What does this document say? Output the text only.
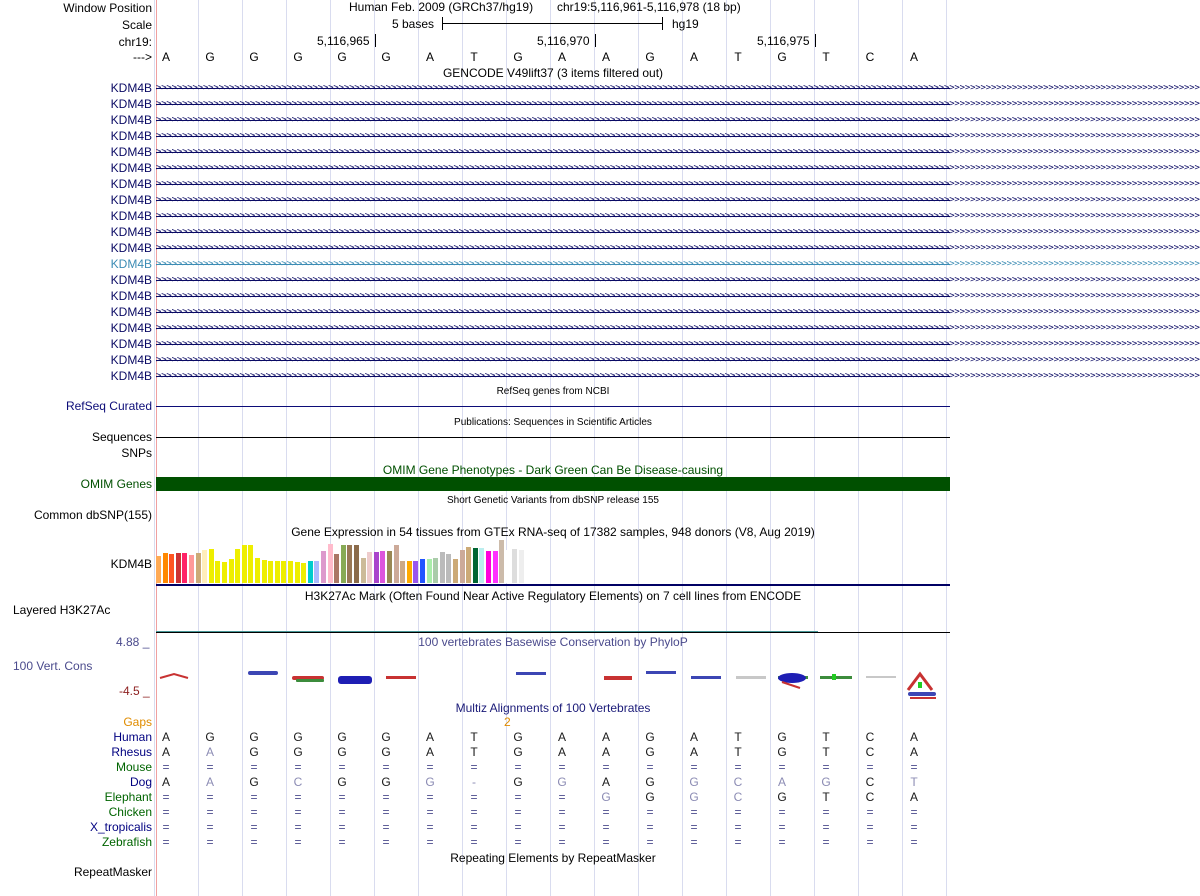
Window Position	Human Feb. 2009 (GRCh37/hg19) chr19:5,116,961-5,116,978 (18 bp)
Scale	5 bases	hg19
chr19:	5,116,965	5,116,970	5,116,975
---> A	G	G	G	G	G	A	T	G	A	A	G	A	T	G	T	C	A
GENCODE V49lift37 (3 items filtered out)
KDM4B >>>>>>>>>>>>>>>>>>>>>>>>>>>>>>>>>>>>>>>>>>>>>>>>>>>>>>>>>>>>>>>>>>>>>>>>>>>>>>>>>>>>>>>>>>>>>>>>>>>>>>>>>>>>>>>>>>>>>>>>>>>>>>>>>>>>>>>>>>>>>>>>>>>>>>>>>>>>>>>>>>>>>>>>>>>>>>>>>>>>>>>>>>>>>>>>>>>>>>>>
KDM4B >>>>>>>>>>>>>>>>>>>>>>>>>>>>>>>>>>>>>>>>>>>>>>>>>>>>>>>>>>>>>>>>>>>>>>>>>>>>>>>>>>>>>>>>>>>>>>>>>>>>>>>>>>>>>>>>>>>>>>>>>>>>>>>>>>>>>>>>>>>>>>>>>>>>>>>>>>>>>>>>>>>>>>>>>>>>>>>>>>>>>>>>>>>>>>>>>>>>>>>>
KDM4B >>>>>>>>>>>>>>>>>>>>>>>>>>>>>>>>>>>>>>>>>>>>>>>>>>>>>>>>>>>>>>>>>>>>>>>>>>>>>>>>>>>>>>>>>>>>>>>>>>>>>>>>>>>>>>>>>>>>>>>>>>>>>>>>>>>>>>>>>>>>>>>>>>>>>>>>>>>>>>>>>>>>>>>>>>>>>>>>>>>>>>>>>>>>>>>>>>>>>>>>
KDM4B >>>>>>>>>>>>>>>>>>>>>>>>>>>>>>>>>>>>>>>>>>>>>>>>>>>>>>>>>>>>>>>>>>>>>>>>>>>>>>>>>>>>>>>>>>>>>>>>>>>>>>>>>>>>>>>>>>>>>>>>>>>>>>>>>>>>>>>>>>>>>>>>>>>>>>>>>>>>>>>>>>>>>>>>>>>>>>>>>>>>>>>>>>>>>>>>>>>>>>>>
KDM4B >>>>>>>>>>>>>>>>>>>>>>>>>>>>>>>>>>>>>>>>>>>>>>>>>>>>>>>>>>>>>>>>>>>>>>>>>>>>>>>>>>>>>>>>>>>>>>>>>>>>>>>>>>>>>>>>>>>>>>>>>>>>>>>>>>>>>>>>>>>>>>>>>>>>>>>>>>>>>>>>>>>>>>>>>>>>>>>>>>>>>>>>>>>>>>>>>>>>>>>>
KDM4B >>>>>>>>>>>>>>>>>>>>>>>>>>>>>>>>>>>>>>>>>>>>>>>>>>>>>>>>>>>>>>>>>>>>>>>>>>>>>>>>>>>>>>>>>>>>>>>>>>>>>>>>>>>>>>>>>>>>>>>>>>>>>>>>>>>>>>>>>>>>>>>>>>>>>>>>>>>>>>>>>>>>>>>>>>>>>>>>>>>>>>>>>>>>>>>>>>>>>>>>
KDM4B >>>>>>>>>>>>>>>>>>>>>>>>>>>>>>>>>>>>>>>>>>>>>>>>>>>>>>>>>>>>>>>>>>>>>>>>>>>>>>>>>>>>>>>>>>>>>>>>>>>>>>>>>>>>>>>>>>>>>>>>>>>>>>>>>>>>>>>>>>>>>>>>>>>>>>>>>>>>>>>>>>>>>>>>>>>>>>>>>>>>>>>>>>>>>>>>>>>>>>>>
KDM4B >>>>>>>>>>>>>>>>>>>>>>>>>>>>>>>>>>>>>>>>>>>>>>>>>>>>>>>>>>>>>>>>>>>>>>>>>>>>>>>>>>>>>>>>>>>>>>>>>>>>>>>>>>>>>>>>>>>>>>>>>>>>>>>>>>>>>>>>>>>>>>>>>>>>>>>>>>>>>>>>>>>>>>>>>>>>>>>>>>>>>>>>>>>>>>>>>>>>>>>>
KDM4B >>>>>>>>>>>>>>>>>>>>>>>>>>>>>>>>>>>>>>>>>>>>>>>>>>>>>>>>>>>>>>>>>>>>>>>>>>>>>>>>>>>>>>>>>>>>>>>>>>>>>>>>>>>>>>>>>>>>>>>>>>>>>>>>>>>>>>>>>>>>>>>>>>>>>>>>>>>>>>>>>>>>>>>>>>>>>>>>>>>>>>>>>>>>>>>>>>>>>>>>
KDM4B >>>>>>>>>>>>>>>>>>>>>>>>>>>>>>>>>>>>>>>>>>>>>>>>>>>>>>>>>>>>>>>>>>>>>>>>>>>>>>>>>>>>>>>>>>>>>>>>>>>>>>>>>>>>>>>>>>>>>>>>>>>>>>>>>>>>>>>>>>>>>>>>>>>>>>>>>>>>>>>>>>>>>>>>>>>>>>>>>>>>>>>>>>>>>>>>>>>>>>>>
KDM4B >>>>>>>>>>>>>>>>>>>>>>>>>>>>>>>>>>>>>>>>>>>>>>>>>>>>>>>>>>>>>>>>>>>>>>>>>>>>>>>>>>>>>>>>>>>>>>>>>>>>>>>>>>>>>>>>>>>>>>>>>>>>>>>>>>>>>>>>>>>>>>>>>>>>>>>>>>>>>>>>>>>>>>>>>>>>>>>>>>>>>>>>>>>>>>>>>>>>>>>>
KDM4B >>>>>>>>>>>>>>>>>>>>>>>>>>>>>>>>>>>>>>>>>>>>>>>>>>>>>>>>>>>>>>>>>>>>>>>>>>>>>>>>>>>>>>>>>>>>>>>>>>>>>>>>>>>>>>>>>>>>>>>>>>>>>>>>>>>>>>>>>>>>>>>>>>>>>>>>>>>>>>>>>>>>>>>>>>>>>>>>>>>>>>>>>>>>>>>>>>>>>>>>
KDM4B >>>>>>>>>>>>>>>>>>>>>>>>>>>>>>>>>>>>>>>>>>>>>>>>>>>>>>>>>>>>>>>>>>>>>>>>>>>>>>>>>>>>>>>>>>>>>>>>>>>>>>>>>>>>>>>>>>>>>>>>>>>>>>>>>>>>>>>>>>>>>>>>>>>>>>>>>>>>>>>>>>>>>>>>>>>>>>>>>>>>>>>>>>>>>>>>>>>>>>>>
KDM4B >>>>>>>>>>>>>>>>>>>>>>>>>>>>>>>>>>>>>>>>>>>>>>>>>>>>>>>>>>>>>>>>>>>>>>>>>>>>>>>>>>>>>>>>>>>>>>>>>>>>>>>>>>>>>>>>>>>>>>>>>>>>>>>>>>>>>>>>>>>>>>>>>>>>>>>>>>>>>>>>>>>>>>>>>>>>>>>>>>>>>>>>>>>>>>>>>>>>>>>>
KDM4B >>>>>>>>>>>>>>>>>>>>>>>>>>>>>>>>>>>>>>>>>>>>>>>>>>>>>>>>>>>>>>>>>>>>>>>>>>>>>>>>>>>>>>>>>>>>>>>>>>>>>>>>>>>>>>>>>>>>>>>>>>>>>>>>>>>>>>>>>>>>>>>>>>>>>>>>>>>>>>>>>>>>>>>>>>>>>>>>>>>>>>>>>>>>>>>>>>>>>>>>
KDM4B >>>>>>>>>>>>>>>>>>>>>>>>>>>>>>>>>>>>>>>>>>>>>>>>>>>>>>>>>>>>>>>>>>>>>>>>>>>>>>>>>>>>>>>>>>>>>>>>>>>>>>>>>>>>>>>>>>>>>>>>>>>>>>>>>>>>>>>>>>>>>>>>>>>>>>>>>>>>>>>>>>>>>>>>>>>>>>>>>>>>>>>>>>>>>>>>>>>>>>>>
KDM4B >>>>>>>>>>>>>>>>>>>>>>>>>>>>>>>>>>>>>>>>>>>>>>>>>>>>>>>>>>>>>>>>>>>>>>>>>>>>>>>>>>>>>>>>>>>>>>>>>>>>>>>>>>>>>>>>>>>>>>>>>>>>>>>>>>>>>>>>>>>>>>>>>>>>>>>>>>>>>>>>>>>>>>>>>>>>>>>>>>>>>>>>>>>>>>>>>>>>>>>>
KDM4B >>>>>>>>>>>>>>>>>>>>>>>>>>>>>>>>>>>>>>>>>>>>>>>>>>>>>>>>>>>>>>>>>>>>>>>>>>>>>>>>>>>>>>>>>>>>>>>>>>>>>>>>>>>>>>>>>>>>>>>>>>>>>>>>>>>>>>>>>>>>>>>>>>>>>>>>>>>>>>>>>>>>>>>>>>>>>>>>>>>>>>>>>>>>>>>>>>>>>>>>
KDM4B >>>>>>>>>>>>>>>>>>>>>>>>>>>>>>>>>>>>>>>>>>>>>>>>>>>>>>>>>>>>>>>>>>>>>>>>>>>>>>>>>>>>>>>>>>>>>>>>>>>>>>>>>>>>>>>>>>>>>>>>>>>>>>>>>>>>>>>>>>>>>>>>>>>>>>>>>>>>>>>>>>>>>>>>>>>>>>>>>>>>>>>>>>>>>>>>>>>>>>>>
RefSeq genes from NCBI
RefSeq Curated
Publications: Sequences in Scientific Articles
Sequences
SNPs
OMIM Gene Phenotypes - Dark Green Can Be Disease-causing
OMIM Genes
Short Genetic Variants from dbSNP release 155
Common dbSNP(155)
Gene Expression in 54 tissues from GTEx RNA-seq of 17382 samples, 948 donors (V8, Aug 2019)
KDM4B
H3K27Ac Mark (Often Found Near Active Regulatory Elements) on 7 cell lines from ENCODE
Layered H3K27Ac
100 vertebrates Basewise Conservation by PhyloP
4.88 _
100 Vert. Cons
-4.5 _
Multiz Alignments of 100 Vertebrates
Gaps	2
Human A	G	G	G	G	G	A	T	G	A	A	G	A	T	G	T	C	A
Rhesus A	A	G	G	G	G	A	T	G	A	A	G	A	T	G	T	C	A
Mouse =	=	=	=	=	=	=	=	=	=	=	=	=	=	=	=	=	=
Dog A	A	G	C	G	G	G	-	G	G	A	G	G	C	A	G	C	T
Elephant =	=	=	=	=	=	=	=	=	=	G	G	G	C	G	T	C	A
Chicken =	=	=	=	=	=	=	=	=	=	=	=	=	=	=	=	=	=
X_tropicalis =	=	=	=	=	=	=	=	=	=	=	=	=	=	=	=	=	=
Zebrafish =	=	=	=	=	=	=	=	=	=	=	=	=	=	=	=	=	=
Repeating Elements by RepeatMasker
RepeatMasker
